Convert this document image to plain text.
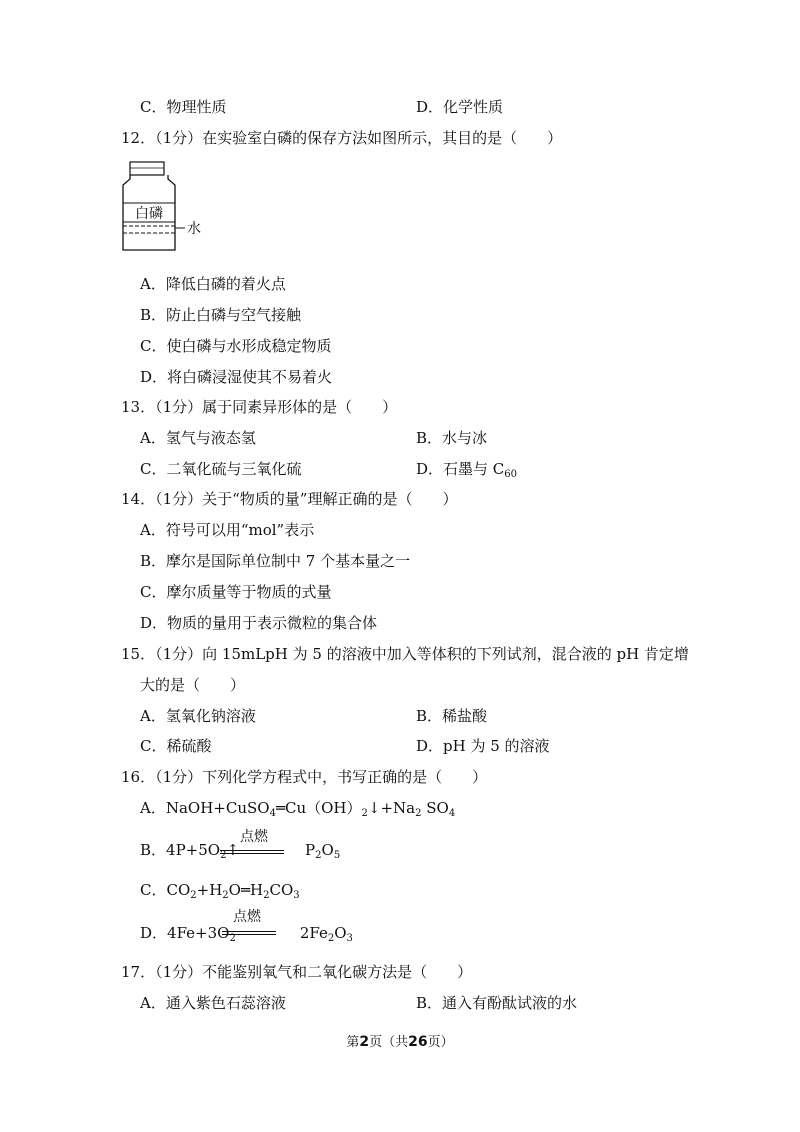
C．物理性质	D．化学性质
12．（1分）在实验室白磷的保存方法如图所示，其目的是（　　）
白磷
水
A．降低白磷的着火点
B．防止白磷与空气接触
C．使白磷与水形成稳定物质
D．将白磷浸湿使其不易着火
13．（1分）属于同素异形体的是（　　）
A．氢气与液态氢	B．水与冰
C．二氧化硫与三氧化硫	D．石墨与 $C_{60}$
14．（1分）关于“物质的量”理解正确的是（　　）
A．符号可以用“mol”表示
B．摩尔是国际单位制中 7 个基本量之一
C．摩尔质量等于物质的式量
D．物质的量用于表示微粒的集合体
15．（1分）向 15mLpH 为 5 的溶液中加入等体积的下列试剂，混合液的 pH 肯定增
大的是（　　）
A．氢氧化钠溶液	B．稀盐酸
C．稀硫酸	D．pH 为 5 的溶液
16．（1分）下列化学方程式中，书写正确的是（　　）
A．$NaOH+CuSO_4═Cu(OH)_2↓+Na_2$ $SO_4$
B．$4P+5O_2↑$	$P_2O_5$
点燃
C．$CO_2+H_2O═H_2CO_3$
D．$4Fe+3O_2$	$2Fe_2O_3$
点燃
17．（1分）不能鉴别氧气和二氧化碳方法是（　　）
A．通入紫色石蕊溶液	B．通入有酚酞试液的水
第2页（共26页）
